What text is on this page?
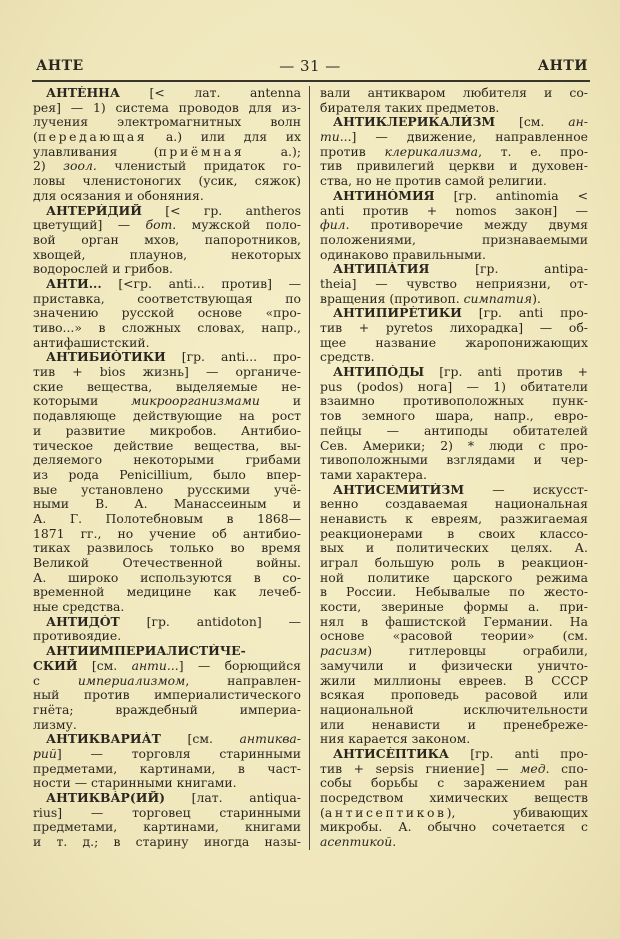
АНТЕ	— 31 —	АНТИ
АНТЕ́ННА [< лат. antenna
рея] — 1) система проводов для из-
лучения электромагнитных волн
(передающая а.) или для их
улавливания (приёмная а.);
2) зоол. членистый придаток го-
ловы членистоногих (усик, сяжок)
для осязания и обоняния.
АНТЕРИ́ДИЙ [< гр. antheros
цветущий] — бот. мужской поло-
вой орган мхов, папоротников,
хвощей, плаунов, некоторых
водорослей и грибов.
АНТИ... [<гр. anti... против] —
приставка, соответствующая по
значению русской основе «про-
тиво...» в сложных словах, напр.,
антифашистский.
АНТИБИО́ТИКИ [гр. anti... про-
тив + bios жизнь] — органиче-
ские вещества, выделяемые не-
которыми микроорганизмами и
подавляюще действующие на рост
и развитие микробов. Антибио-
тическое действие вещества, вы-
деляемого некоторыми грибами
из рода Penicillium, было впер-
вые установлено русскими учё-
ными В. А. Манассеиным и
А. Г. Полотебновым в 1868—
1871 гг., но учение об антибио-
тиках развилось только во время
Великой Отечественной войны.
А. широко используются в со-
временной медицине как лечеб-
ные средства.
АНТИДО́Т [гр. antidoton] —
противоядие.
АНТИИМПЕРИАЛИСТИ́ЧЕ-
СКИЙ [см. анти...] — борющийся
с империализмом, направлен-
ный против империалистического
гнёта; враждебный империа-
лизму.
АНТИКВАРИА́Т [см. антиква-
рий] — торговля старинными
предметами, картинами, в част-
ности — старинными книгами.
АНТИКВА́Р(ИЙ) [лат. antiqua-
rius] — торговец старинными
предметами, картинами, книгами
и т. д.; в старину иногда назы-
вали антикваром любителя и со-
бирателя таких предметов.
АНТИКЛЕРИКАЛИ́ЗМ [см. ан-
ти...] — движение, направленное
против клерикализма, т. е. про-
тив привилегий церкви и духовен-
ства, но не против самой религии.
АНТИНО́МИЯ [гр. antinomia <
anti против + nomos закон] —
фил. противоречие между двумя
положениями, признаваемыми
одинаково правильными.
АНТИПА́ТИЯ [гр. antipa-
theia] — чувство неприязни, от-
вращения (противоп. симпатия).
АНТИПИРЕ́ТИКИ [гр. anti про-
тив + pyretos лихорадка] — об-
щее название жаропонижающих
средств.
АНТИПО́ДЫ [гр. anti против +
pus (podos) нога] — 1) обитатели
взаимно противоположных пунк-
тов земного шара, напр., евро-
пейцы — антиподы обитателей
Сев. Америки; 2) * люди с про-
тивоположными взглядами и чер-
тами характера.
АНТИСЕМИТИ́ЗМ — искусст-
венно создаваемая национальная
ненависть к евреям, разжигаемая
реакционерами в своих классо-
вых и политических целях. А.
играл большую роль в реакцион-
ной политике царского режима
в России. Небывалые по жесто-
кости, звериные формы а. при-
нял в фашистской Германии. На
основе «расовой теории» (см.
расизм) гитлеровцы ограбили,
замучили и физически уничто-
жили миллионы евреев. В СССР
всякая проповедь расовой или
национальной исключительности
или ненависти и пренебреже-
ния карается законом.
АНТИСЕ́ПТИКА [гр. anti про-
тив + sepsis гниение] — мед. спо-
собы борьбы с заражением ран
посредством химических веществ
(антисептиков), убивающих
микробы. А. обычно сочетается с
асептикой.
